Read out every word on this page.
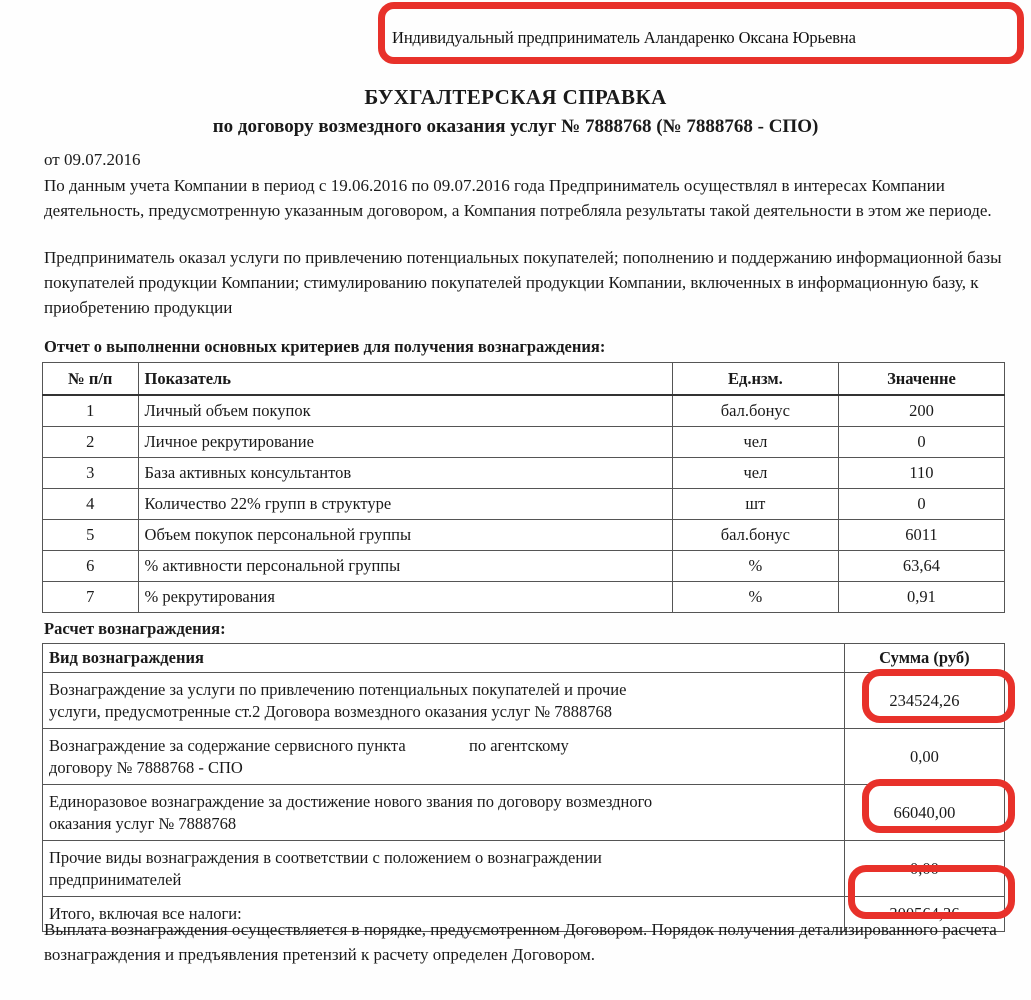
Индивидуальный предприниматель Аландаренко Оксана Юрьевна
БУХГАЛТЕРСКАЯ СПРАВКА
по договору возмездного оказания услуг № 7888768 (№ 7888768 - СПО)
от 09.07.2016
По данным учета Компании в период с 19.06.2016 по 09.07.2016 года Предприниматель осуществлял в интересах Компании деятельность, предусмотренную указанным договором, а Компания потребляла результаты такой деятельности в этом же периоде.
Предприниматель оказал услуги по привлечению потенциальных покупателей; пополнению и поддержанию информационной базы покупателей продукции Компании; стимулированию покупателей продукции Компании, включенных в информационную базу, к приобретению продукции
Отчет о выполненни основных критериев для получения вознаграждения:
№ п/п	Показатель	Ед.нзм.	Значенне
1	Личный объем покупок	бал.бонус	200
2	Личное рекрутирование	чел	0
3	База активных консультантов	чел	110
4	Количество 22% групп в структуре	шт	0
5	Объем покупок персональной группы	бал.бонус	6011
6	% активности персональной группы	%	63,64
7	% рекрутирования	%	0,91
Расчет вознаграждения:
Вид вознаграждения	Сумма (руб)
Вознаграждение за услуги по привлечению потенциальных покупателей и прочие
услуги, предусмотренные ст.2 Договора возмездного оказания услуг № 7888768	234524,26

Вознаграждение за содержание сервисного пункта по агентскому
договору № 7888768 - СПО	0,00
Единоразовое вознаграждение за достижение нового звания по договору возмездного
оказания услуг № 7888768	66040,00
Прочие виды вознаграждения в соответствии с положением о вознаграждении
предпринимателей	0,00
Итого, включая все налоги:	300564,26
Выплата вознаграждения осуществляется в порядке, предусмотренном Договором. Порядок получения детализированного расчета вознаграждения и предъявления претензий к расчету определен Договором.
